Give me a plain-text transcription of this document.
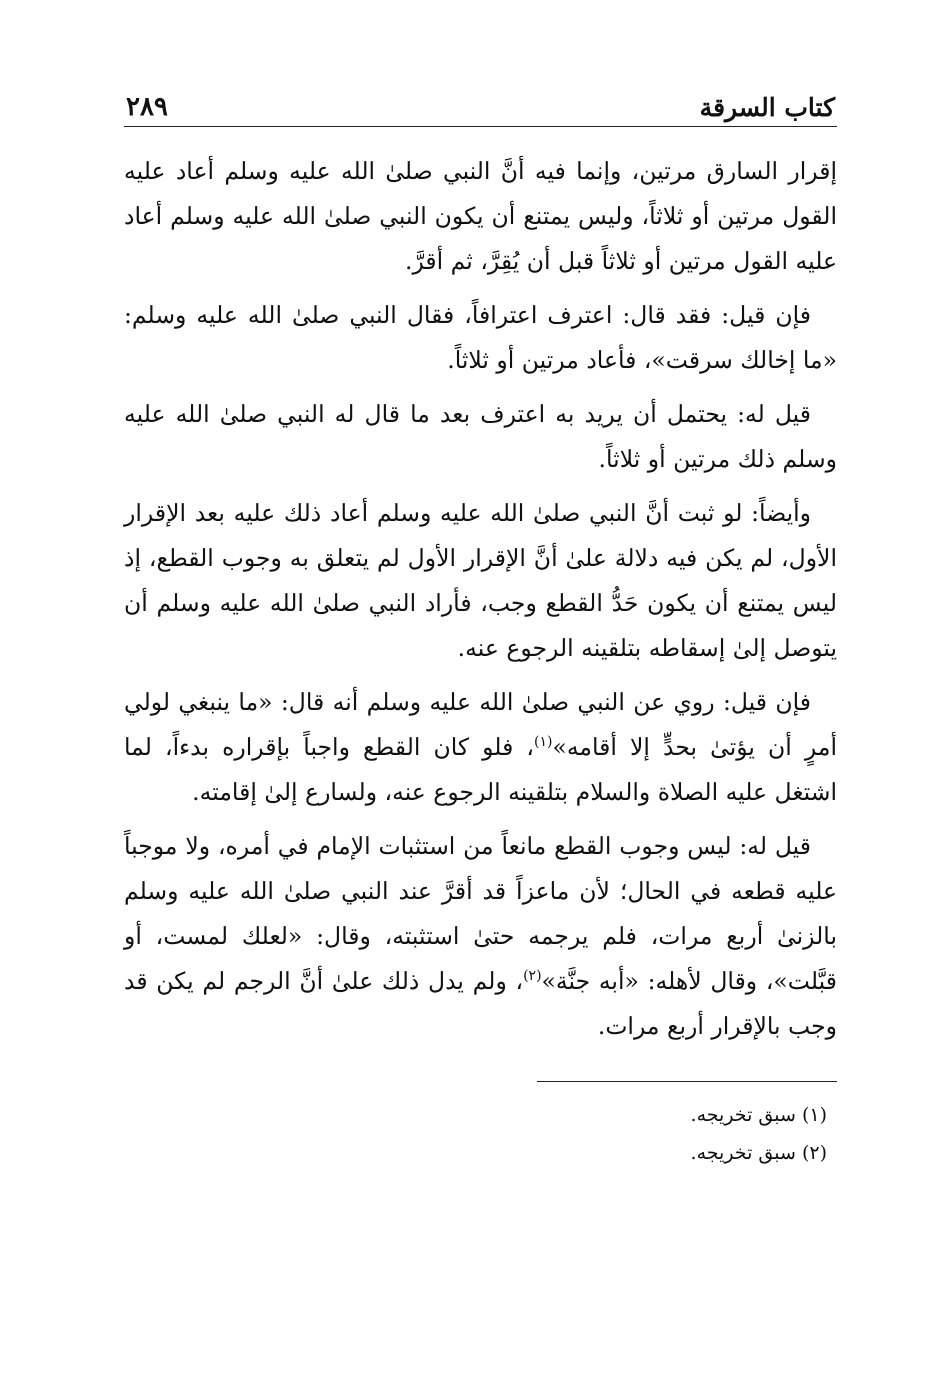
كتاب السرقة
٢٨٩

إقرار السارق مرتين، وإنما فيه أنَّ النبي صلىٰ الله عليه وسلم أعاد عليه القول مرتين أو ثلاثاً، وليس يمتنع أن يكون النبي صلىٰ الله عليه وسلم أعاد عليه القول مرتين أو ثلاثاً قبل أن يُقِرَّ، ثم أقرَّ.

فإن قيل: فقد قال: اعترف اعترافاً، فقال النبي صلىٰ الله عليه وسلم: «ما إخالك سرقت»، فأعاد مرتين أو ثلاثاً.

قيل له: يحتمل أن يريد به اعترف بعد ما قال له النبي صلىٰ الله عليه وسلم ذلك مرتين أو ثلاثاً.

وأيضاً: لو ثبت أنَّ النبي صلىٰ الله عليه وسلم أعاد ذلك عليه بعد الإقرار الأول، لم يكن فيه دلالة علىٰ أنَّ الإقرار الأول لم يتعلق به وجوب القطع، إذ ليس يمتنع أن يكون حَدُّ القطع وجب، فأراد النبي صلىٰ الله عليه وسلم أن يتوصل إلىٰ إسقاطه بتلقينه الرجوع عنه.

فإن قيل: روي عن النبي صلىٰ الله عليه وسلم أنه قال: «ما ينبغي لولي أمرٍ أن يؤتىٰ بحدٍّ إلا أقامه»$^{(١)}$، فلو كان القطع واجباً بإقراره بدءاً، لما اشتغل عليه الصلاة والسلام بتلقينه الرجوع عنه، ولسارع إلىٰ إقامته.

قيل له: ليس وجوب القطع مانعاً من استثبات الإمام في أمره، ولا موجباً عليه قطعه في الحال؛ لأن ماعزاً قد أقرَّ عند النبي صلىٰ الله عليه وسلم بالزنىٰ أربع مرات، فلم يرجمه حتىٰ استثبته، وقال: «لعلك لمست، أو قبَّلت»، وقال لأهله: «أبه جنَّة»$^{(٢)}$، ولم يدل ذلك علىٰ أنَّ الرجم لم يكن قد وجب بالإقرار أربع مرات.

(١) سبق تخريجه.

(٢) سبق تخريجه.
